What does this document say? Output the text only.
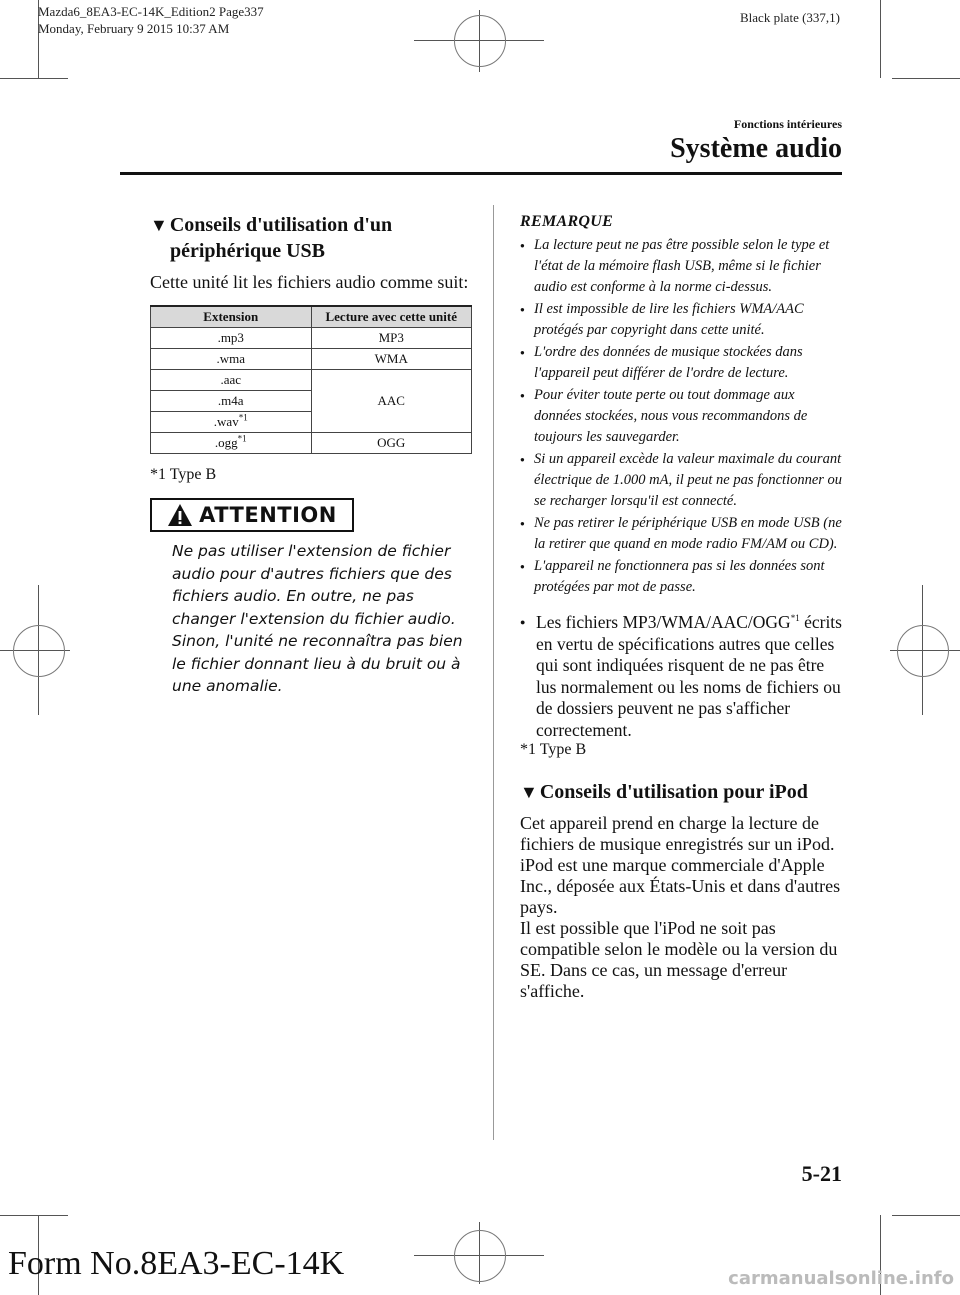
Mazda6_8EA3-EC-14K_Edition2 Page337
Monday, February 9 2015 10:37 AM
Black plate (337,1)
Fonctions intérieures
Système audio
▼ Conseils d'utilisation d'un
périphérique USB

Cette unité lit les fichiers audio comme suit:

Extension	Lecture avec cette unité
.mp3	MP3
.wma	WMA
.aac	AAC
.m4a	
.wav$^{*1}$
.ogg$^{*1}$	OGG
*1 Type B
ATTENTION
Ne pas utiliser l'extension de fichier audio pour d'autres fichiers que des fichiers audio. En outre, ne pas changer l'extension du fichier audio. Sinon, l'unité ne reconnaîtra pas bien le fichier donnant lieu à du bruit ou à une anomalie.
REMARQUE
● La lecture peut ne pas être possible selon le type et l'état de la mémoire flash USB, même si le fichier audio est conforme à la norme ci-dessus.
● Il est impossible de lire les fichiers WMA/AAC protégés par copyright dans cette unité.
● L'ordre des données de musique stockées dans l'appareil peut différer de l'ordre de lecture.
● Pour éviter toute perte ou tout dommage aux données stockées, nous vous recommandons de toujours les sauvegarder.
● Si un appareil excède la valeur maximale du courant électrique de 1.000 mA, il peut ne pas fonctionner ou se recharger lorsqu'il est connecté.
● Ne pas retirer le périphérique USB en mode USB (ne la retirer que quand en mode radio FM/AM ou CD).
● L'appareil ne fonctionnera pas si les données sont protégées par mot de passe.
● Les fichiers MP3/WMA/AAC/OGG$^{*1}$ écrits en vertu de spécifications autres que celles qui sont indiquées risquent de ne pas être lus normalement ou les noms de fichiers ou de dossiers peuvent ne pas s'afficher correctement.
*1 Type B
▼ Conseils d'utilisation pour iPod

Cet appareil prend en charge la lecture de fichiers de musique enregistrés sur un iPod.

iPod est une marque commerciale d'Apple Inc., déposée aux États-Unis et dans d'autres pays.

Il est possible que l'iPod ne soit pas compatible selon le modèle ou la version du SE. Dans ce cas, un message d'erreur s'affiche.

5-21
Form No.8EA3-EC-14K	carmanualsonline.info
